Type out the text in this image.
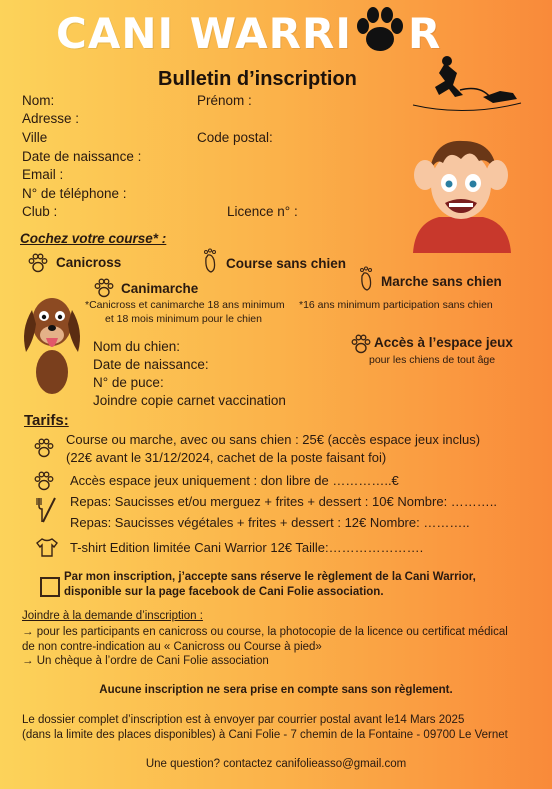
CANI WARRI R
Bulletin d’inscription
Nom:	Prénom :
Adresse :
Ville	Code postal:
Date de naissance :
Email :
N° de téléphone :
Club :	Licence n° :
Cochez votre course* :
Canicross	Course sans chien
Canimarche	Marche sans chien
*Canicross et canimarche 18 ans minimum
et 18 mois minimum pour le chien
*16 ans minimum participation sans chien
Nom du chien:
Date de naissance:
N° de puce:
Joindre copie carnet vaccination
Accès à l’espace jeux
pour les chiens de tout âge
Tarifs:
Course ou marche, avec ou sans chien : 25€ (accès espace jeux inclus)
(22€ avant le 31/12/2024, cachet de la poste faisant foi)
Accès espace jeux uniquement : don libre de …………..€
Repas: Saucisses et/ou merguez + frites + dessert : 10€ Nombre: ………..
Repas: Saucisses végétales + frites + dessert : 12€ Nombre: ………..
T-shirt Edition limitée Cani Warrior 12€ Taille:………………….
Par mon inscription, j’accepte sans réserve le règlement de la Cani Warrior,
disponible sur la page facebook de Cani Folie association.
Joindre à la demande d’inscription :
→ pour les participants en canicross ou course, la photocopie de la licence ou certificat médical
de non contre-indication au « Canicross ou Course à pied»
→ Un chèque à l’ordre de Cani Folie association
Aucune inscription ne sera prise en compte sans son règlement.
Le dossier complet d’inscription est à envoyer par courrier postal avant le14 Mars 2025
(dans la limite des places disponibles) à Cani Folie - 7 chemin de la Fontaine - 09700 Le Vernet
Une question? contactez canifolieasso@gmail.com
